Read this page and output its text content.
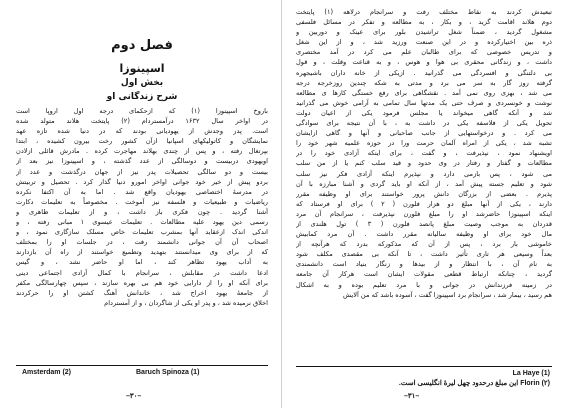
فصل دوم
اسپینوزا
بخش اول
شرح زندگانی او
باروخ اسپینوزا (۱) که ازحکمای درجه اول اروپا است
در اواخر سال ۱۶۳۲ درآمستردام (۲) پایتخت هلاند متولد شده
است. پدر وجدش از یهودیانی بودند که در دنیا شده تازه عهد
نمایشگان و کاتولیکهای اسپانیا ازآن کشور رخت بیرون کشیده ، ابتدا
بپرتغال رفته ، و پس از چندی بهلاند مهاجرت کرده . مادرش قائلی ازلادن
اویهودی دربیست و دوسالگی از عدد گذشته ، و اسپینوزا نیز بعد از
بیست و دو سالگی تحصیلات پدر نیز از جهان درگذشت و عدد از
بردو پیش از خیر خود جوانی اواخر امورو دنیا گذار کرد . تحصیل و تربیتش
در مدرسهٔ اختصاصی یهودیان واقع شد . اما به آن اکتفا نکرده
ریاضیات و طبیعیات و فلسفه نیز آموخت . مخصوصاً به تعلیمات دکارت
آشنا گردید . چون فکری باز داشت ، و از تعلیمات ظاهری و
رسمی دین یهود علیه مطالعات . تعلیمات عیسوی ۱ مبانی رفته ، و
اندکی اندک ازعقاید آنها بمشرب تعلیمات خاص مسلک سازگاری نمود ، و
اصحاب آن آن جوانی دانشمند رفت ، در جلسات او را بمختلف
که از برای وی میدانستند بتهدید وتطمیع خواستند از راه آن بازدارند
به آداب یهود تظاهر کند ، اما او حاضر نشد ، و گیس
ادعا داشت در مقابلش ، سرانجام با کمال آزادی اجتماعی دینی
برای آنکه او را از دارایی خود هم بی بهره سازند ، سپس چهارسالگی مکفر
از جامعهٔ یهود اخراج شد ، خاندانش آهنگ کشتن او را حرکردند
اخلاق نرمیده شد ، و پدر او یکی از شاگردان ، و از آمستردام
Baruch Spinoza (1)
Amsterdam (2)
–۳۰–
تبعیدش کردند به نقاط مختلف رفت و سرانجام درلاهه (۱) پایتخت
دوم هلاند اقامت گزید ، و بکار ، به مطالعه و تفکر در مسائل فلسفی
مشغول گردید ، ضمناً شغل تراشیدن بلور برای عینک و دوربین و
ذره بین اختیارکرده و در این صنعت ورزید شد ، و از این شغل
و تدریس خصوصی که برای طالبان علم می کرد در آمد مختصری
داشت ، و زندگانی محقری بی هوا و هوس ، و به قناعت وقلت ، و قول
بی دلتنگی و افسردگی می گذرانید . ازیکی از خانه داران باشیجهره
گرفته روز گار به سر می برد و مدتی به شکه چندین روزخرجه درجه
می شد ، بهزی روی نمی آمد . نقشگاهی برای رفع خستگی کارها ی مطالعه
نوشت و خونسردی و صرف حتی یک مدتها سال تمامی به آرامی خوش می گذرانید
شد و آنکه گاهی میخواند یا مجلس فرمود یکی از اعیان دولت
تحویل یکی از فلاسفه یکی در داشت به ، با آن نتیجه برای سوادگی
می کرد . و درخواستهایی از جانب صاحبانی و آنها و گاهی ازایشان
تشبه شد ، یکی از امراه آلمان حرمت ورا در حوزه علمیه شهر خود را
اویشنهاد نمود ، نپذیرفت ، و گفت ، برای اینکه آزادی خود را در
مطالعات و گفتار و رفتار در وی حدود و قید سلب کنم یا از من سلب
می شود ، پس بازمی دارد و نپذیرم اینکه آزادی فکر نیز سلب
شود و تعلیم جسته پیش آمد ، از آنکه او باید گردی و آشنا مبارزه با آن
پذیرم . بعضی از بزرگان دانش پرور خواستند برای او وظیفه مقرر
دارند ، یکی از آنها مبلغ دو هزار فلورن ( ۲ ) برای او فرستاد که
اینکه اسپینوزا حاضرشد او را مبلغ فلورن نپذیرفت ، سرانجام آن مرد
قدردان به موجب وصیت مبلغ پانصد فلورن ( ۳ ) تول هلندی از
مال خود برای او وظیفه سالیانه مقرر داشت . آن مرد کمابیش
خاموشی بار برد ، پس از آن که مذکورکه بدرد که هرآنچه از
بعداً وسیعی هر تاری تأثیر داشت ، تا آنکه بی مقصدی مکلف شود
به نام آن ، با انتظار و از بیدها و زنگار بنیاد است دانشمندی
گردید ، چنانکه ارتباط قطعی مقولات ایشان است هرکار آن جامعه
در زمینه فرزندانش در جوانی و با مرد تعلیم بوده و به اشکال
هم رسید ، بیمار شد ، سرانجام برد اسپینوزا گفت ، آسوده باشد که من آلایش
La Haye (1)
Florin (۲) این مبلغ درحدود چهل لیرهٔ انگلیسی است.
–۳۱–
